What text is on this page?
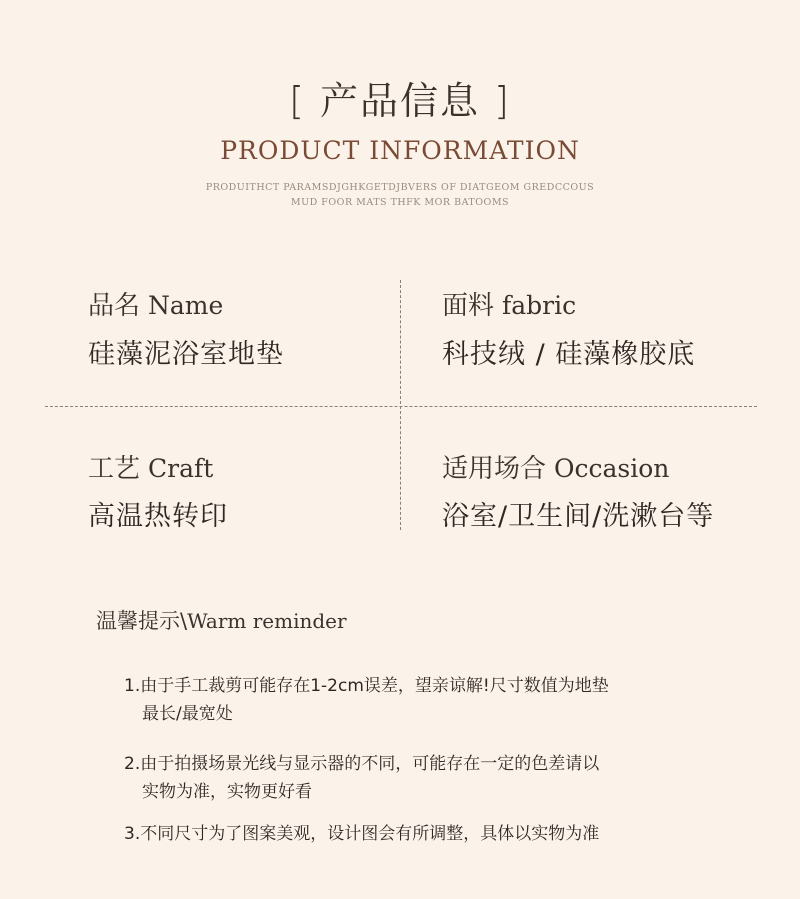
[ 产品信息 ]
PRODUCT INFORMATION
PRODUITHCT PARAMSDJGHKGETDJBVERS OF DIATGEOM GREDCCOUS
MUD FOOR MATS THFK MOR BATOOMS
品名 Name
硅藻泥浴室地垫
面料 fabric
科技绒 / 硅藻橡胶底
工艺 Craft
高温热转印
适用场合 Occasion
浴室/卫生间/洗漱台等
温馨提示\Warm reminder
1.由于手工裁剪可能存在1-2cm误差，望亲谅解!尺寸数值为地垫
最长/最宽处
2.由于拍摄场景光线与显示器的不同，可能存在一定的色差请以
实物为准，实物更好看
3.不同尺寸为了图案美观，设计图会有所调整，具体以实物为准
